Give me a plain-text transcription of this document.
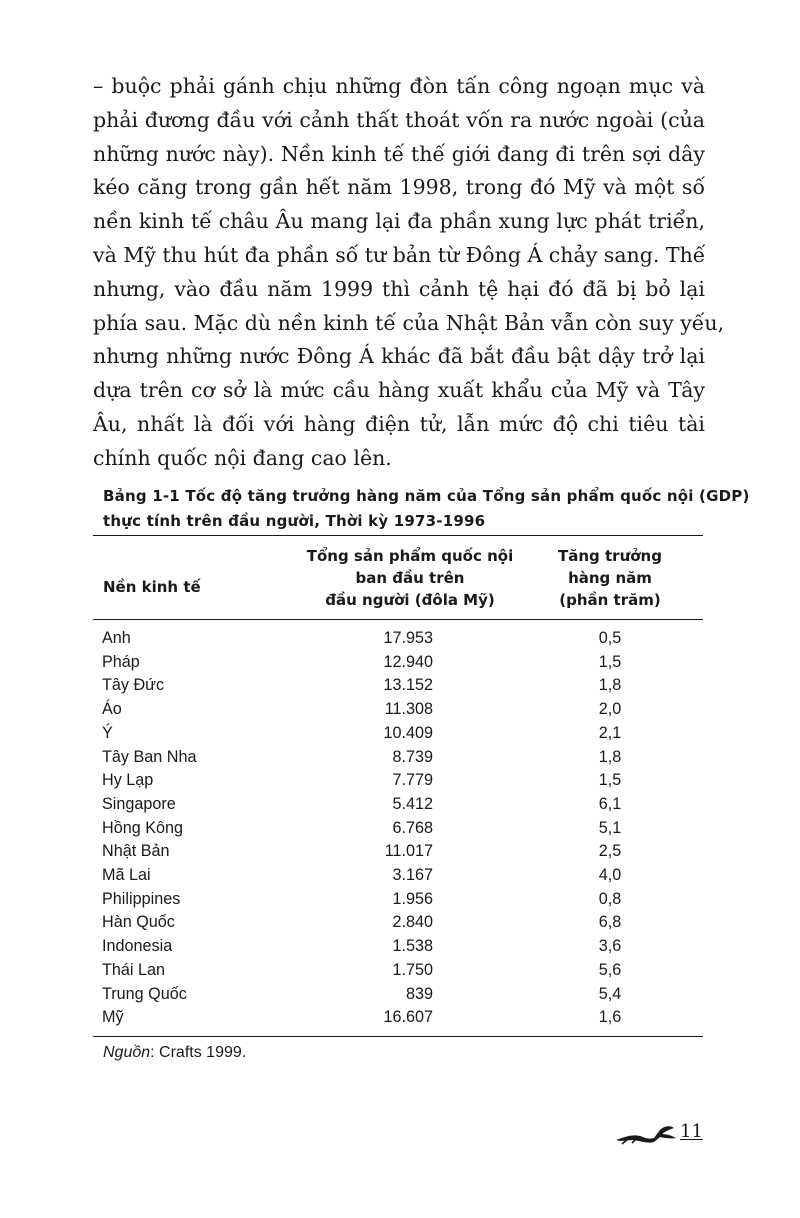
– buộc phải gánh chịu những đòn tấn công ngoạn mục và
phải đương đầu với cảnh thất thoát vốn ra nước ngoài (của
những nước này). Nền kinh tế thế giới đang đi trên sợi dây
kéo căng trong gần hết năm 1998, trong đó Mỹ và một số
nền kinh tế châu Âu mang lại đa phần xung lực phát triển,
và Mỹ thu hút đa phần số tư bản từ Đông Á chảy sang. Thế
nhưng, vào đầu năm 1999 thì cảnh tệ hại đó đã bị bỏ lại
phía sau. Mặc dù nền kinh tế của Nhật Bản vẫn còn suy yếu,
nhưng những nước Đông Á khác đã bắt đầu bật dậy trở lại
dựa trên cơ sở là mức cầu hàng xuất khẩu của Mỹ và Tây
Âu, nhất là đối với hàng điện tử, lẫn mức độ chi tiêu tài
chính quốc nội đang cao lên.
Bảng 1-1 Tốc độ tăng trưởng hàng năm của Tổng sản phẩm quốc nội (GDP)
thực tính trên đầu người, Thời kỳ 1973-1996
Nền kinh tế
Tổng sản phẩm quốc nội
ban đầu trên
đầu người (đôla Mỹ)
Tăng trưởng
hàng năm
(phần trăm)
Anh	17.953	0,5
Pháp	12.940	1,5
Tây Đức	13.152	1,8
Áo	11.308	2,0
Ý	10.409	2,1
Tây Ban Nha	8.739	1,8
Hy Lạp	7.779	1,5
Singapore	5.412	6,1
Hồng Kông	6.768	5,1
Nhật Bản	11.017	2,5
Mã Lai	3.167	4,0
Philippines	1.956	0,8
Hàn Quốc	2.840	6,8
Indonesia	1.538	3,6
Thái Lan	1.750	5,6
Trung Quốc	839	5,4
Mỹ	16.607	1,6
Nguồn: Crafts 1999.
11
